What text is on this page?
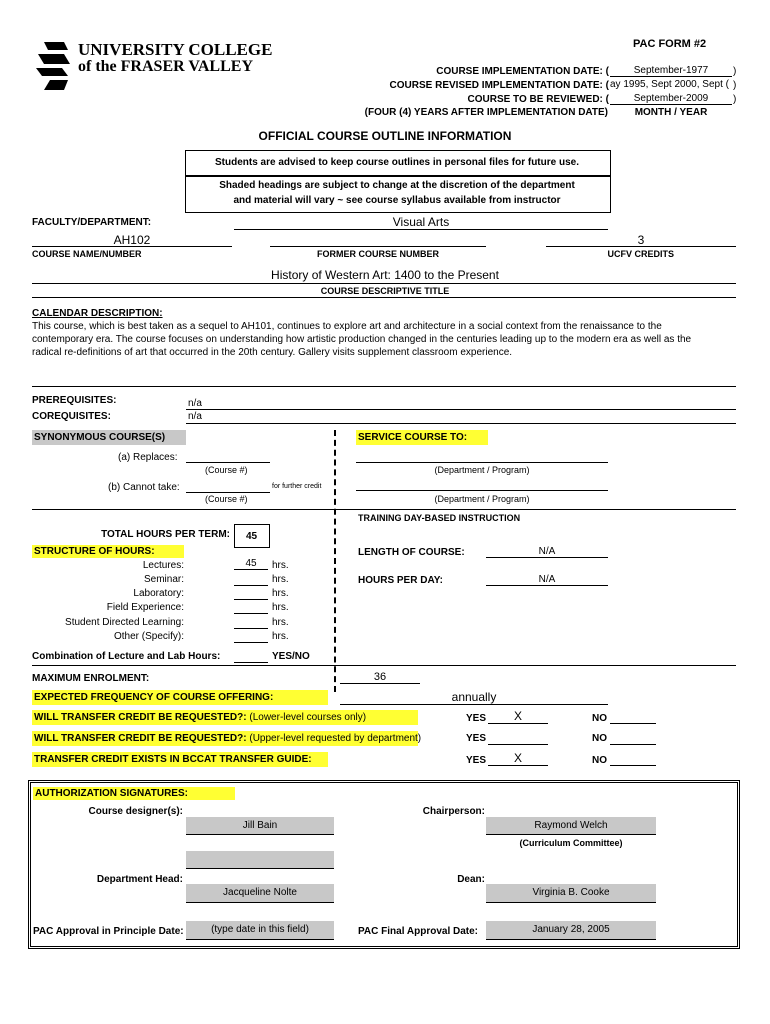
UNIVERSITY COLLEGE
of the FRASER VALLEY
PAC FORM #2
COURSE IMPLEMENTATION DATE: (	September-1977	)
COURSE REVISED IMPLEMENTATION DATE: ( ay 1995, Sept 2000, Sept ( )
COURSE TO BE REVIEWED: (	September-2009	)
(FOUR (4) YEARS AFTER IMPLEMENTATION DATE)	MONTH / YEAR
OFFICIAL COURSE OUTLINE INFORMATION
Students are advised to keep course outlines in personal files for future use.
Shaded headings are subject to change at the discretion of the department
and material will vary ~ see course syllabus available from instructor
FACULTY/DEPARTMENT:	Visual Arts
AH102
COURSE NAME/NUMBER	FORMER COURSE NUMBER
3
UCFV CREDITS
History of Western Art: 1400 to the Present
COURSE DESCRIPTIVE TITLE
CALENDAR DESCRIPTION:
This course, which is best taken as a sequel to AH101, continues to explore art and architecture in a social context from the renaissance to the
contemporary era. The course focuses on understanding how artistic production changed in the centuries leading up to the modern era as well as the
radical re-definitions of art that occurred in the 20th century. Gallery visits supplement classroom experience.
PREREQUISITES:	n/a
COREQUISITES:	n/a
SYNONYMOUS COURSE(S)
(a) Replaces:
(Course #)
(b) Cannot take:	for further credit
(Course #)
SERVICE COURSE TO:
(Department / Program)
(Department / Program)
TRAINING DAY-BASED INSTRUCTION
TOTAL HOURS PER TERM: 45
STRUCTURE OF HOURS:
Lectures:	45	hrs.
Seminar:	hrs.
Laboratory:	hrs.
Field Experience:	hrs.
Student Directed Learning:	hrs.
Other (Specify):	hrs.
Combination of Lecture and Lab Hours:	YES/NO
LENGTH OF COURSE:	N/A
HOURS PER DAY:	N/A
MAXIMUM ENROLMENT:	36
EXPECTED FREQUENCY OF COURSE OFFERING:	annually
WILL TRANSFER CREDIT BE REQUESTED?: (Lower-level courses only)	YES	X	NO
WILL TRANSFER CREDIT BE REQUESTED?: (Upper-level requested by department)	YES	NO
TRANSFER CREDIT EXISTS IN BCCAT TRANSFER GUIDE:	YES	X	NO
AUTHORIZATION SIGNATURES:
Course designer(s):
Jill Bain
Chairperson:
Raymond Welch
(Curriculum Committee)
Department Head:
Jacqueline Nolte
Dean:
Virginia B. Cooke
PAC Approval in Principle Date:	(type date in this field)	PAC Final Approval Date:	January 28, 2005
